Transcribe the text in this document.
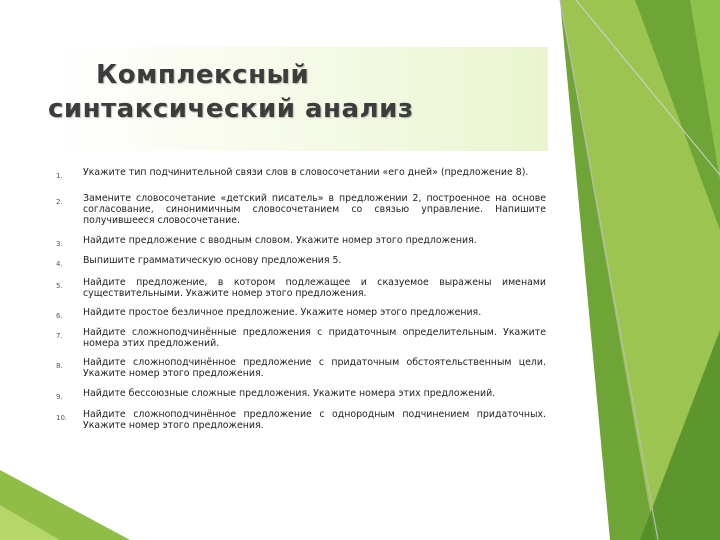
Комплексный
синтаксический анализ
1.	Укажите тип подчинительной связи слов в словосочетании «его дней» (предложение 8).
2.	Замените словосочетание «детский писатель» в предложении 2, построенное на основе согласование, синонимичным словосочетанием со связью управление. Напишите получившееся словосочетание.
3.	Найдите предложение с вводным словом. Укажите номер этого предложения.
4.	Выпишите грамматическую основу предложения 5.
5.	Найдите предложение, в котором подлежащее и сказуемое выражены именами существительными. Укажите номер этого предложения.
6.	Найдите простое безличное предложение. Укажите номер этого предложения.
7.	Найдите сложноподчинённые предложения с придаточным определительным. Укажите номера этих предложений.
8.	Найдите сложноподчинённое предложение с придаточным обстоятельственным цели. Укажите номер этого предложения.
9.	Найдите бессоюзные сложные предложения. Укажите номера этих предложений.
10.	Найдите сложноподчинённое предложение с однородным подчинением придаточных. Укажите номер этого предложения.
